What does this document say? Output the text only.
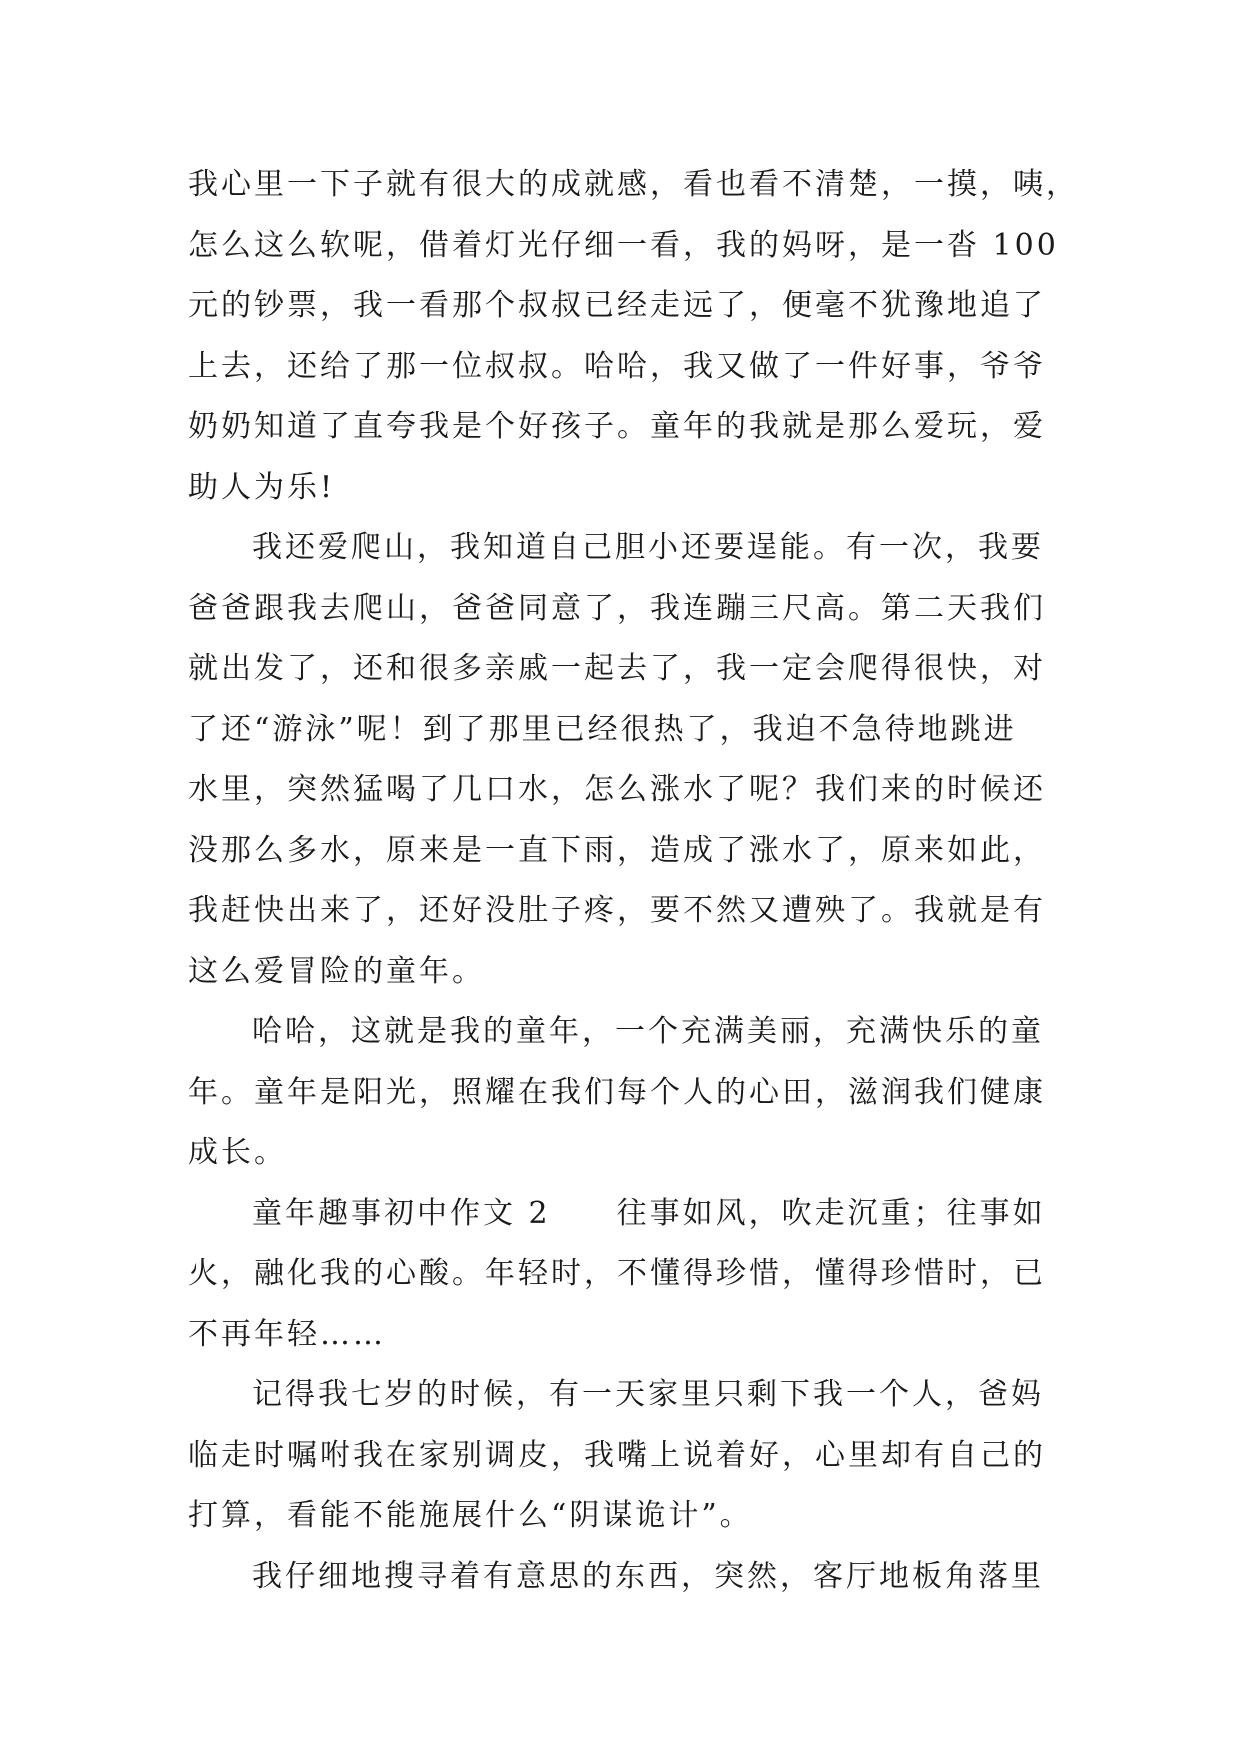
我心里一下子就有很大的成就感，看也看不清楚，一摸，咦，
怎么这么软呢，借着灯光仔细一看，我的妈呀，是一沓 100
元的钞票，我一看那个叔叔已经走远了，便毫不犹豫地追了
上去，还给了那一位叔叔。哈哈，我又做了一件好事，爷爷
奶奶知道了直夸我是个好孩子。童年的我就是那么爱玩，爱
助人为乐!
我还爱爬山，我知道自己胆小还要逞能。有一次，我要
爸爸跟我去爬山，爸爸同意了，我连蹦三尺高。第二天我们
就出发了，还和很多亲戚一起去了，我一定会爬得很快，对
了还“游泳”呢！到了那里已经很热了，我迫不急待地跳进
水里，突然猛喝了几口水，怎么涨水了呢？我们来的时候还
没那么多水，原来是一直下雨，造成了涨水了，原来如此，
我赶快出来了，还好没肚子疼，要不然又遭殃了。我就是有
这么爱冒险的童年。
哈哈，这就是我的童年，一个充满美丽，充满快乐的童
年。童年是阳光，照耀在我们每个人的心田，滋润我们健康
成长。
童年趣事初中作文 2　　往事如风，吹走沉重；往事如
火，融化我的心酸。年轻时，不懂得珍惜，懂得珍惜时，已
不再年轻……
记得我七岁的时候，有一天家里只剩下我一个人，爸妈
临走时嘱咐我在家别调皮，我嘴上说着好，心里却有自己的
打算，看能不能施展什么“阴谋诡计”。
我仔细地搜寻着有意思的东西，突然，客厅地板角落里
